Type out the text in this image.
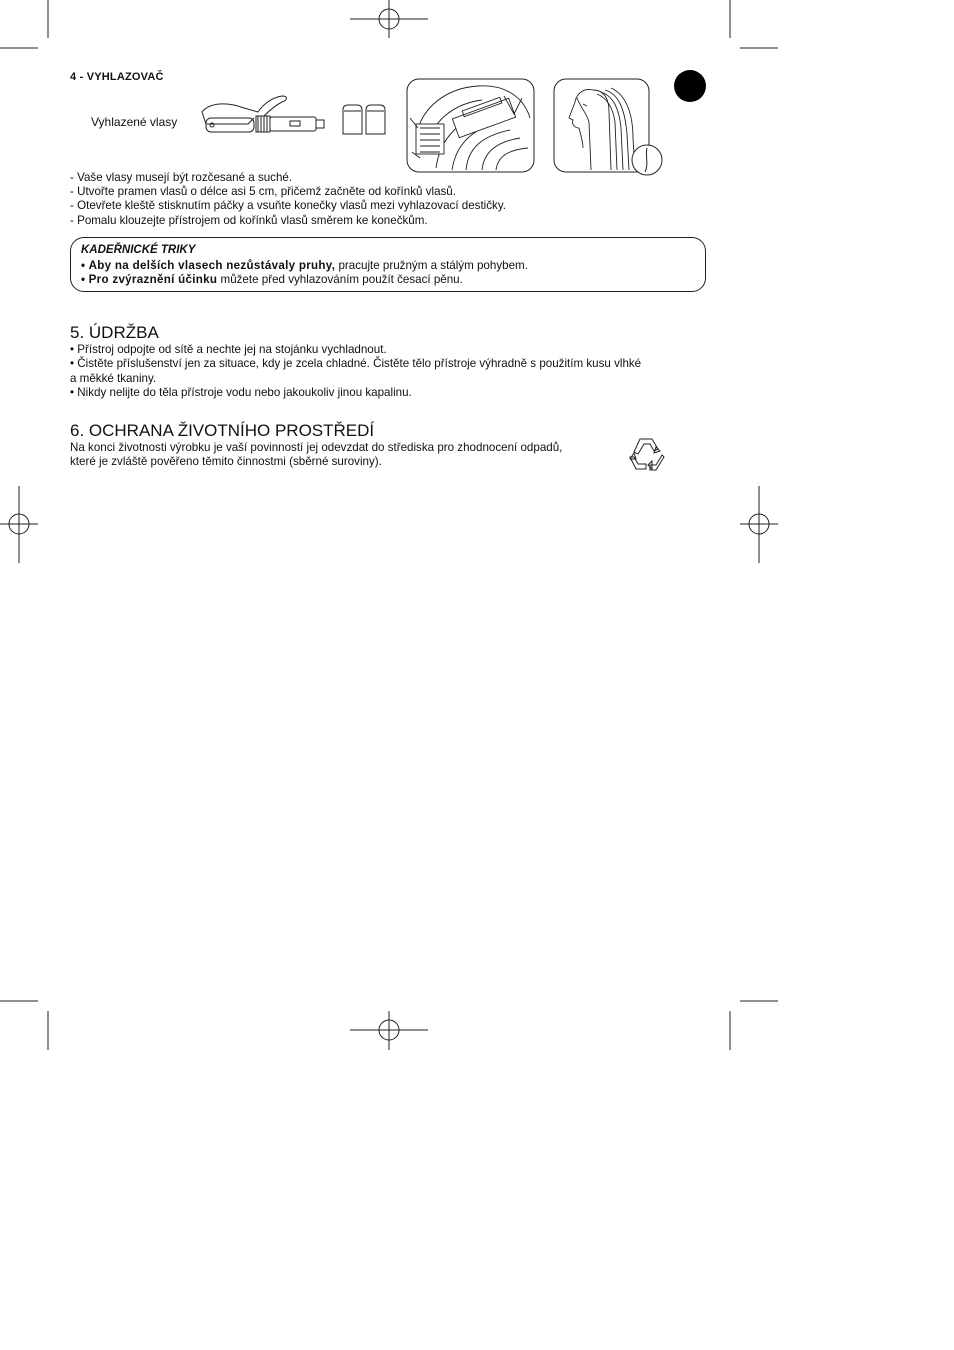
4 - VYHLAZOVAČ
Vyhlazené vlasy
- Vaše vlasy musejí být rozčesané a suché.
- Utvořte pramen vlasů o délce asi 5 cm, přičemž začněte od kořínků vlasů.
- Otevřete kleště stisknutím páčky a vsuňte konečky vlasů mezi vyhlazovací destičky.
- Pomalu klouzejte přístrojem od kořínků vlasů směrem ke konečkům.
KADEŘNICKÉ TRIKY
• Aby na delších vlasech nezůstávaly pruhy, pracujte pružným a stálým pohybem.
• Pro zvýraznění účinku můžete před vyhlazováním použít česací pěnu.
5. ÚDRŽBA
• Přístroj odpojte od sítě a nechte jej na stojánku vychladnout.
• Čistěte příslušenství jen za situace, kdy je zcela chladné. Čistěte tělo přístroje výhradně s použitím kusu vlhké
a měkké tkaniny.
• Nikdy nelijte do těla přístroje vodu nebo jakoukoliv jinou kapalinu.
6. OCHRANA ŽIVOTNÍHO PROSTŘEDÍ
Na konci životnosti výrobku je vaší povinností jej odevzdat do střediska pro zhodnocení odpadů,
které je zvláště pověřeno těmito činnostmi (sběrné suroviny).
